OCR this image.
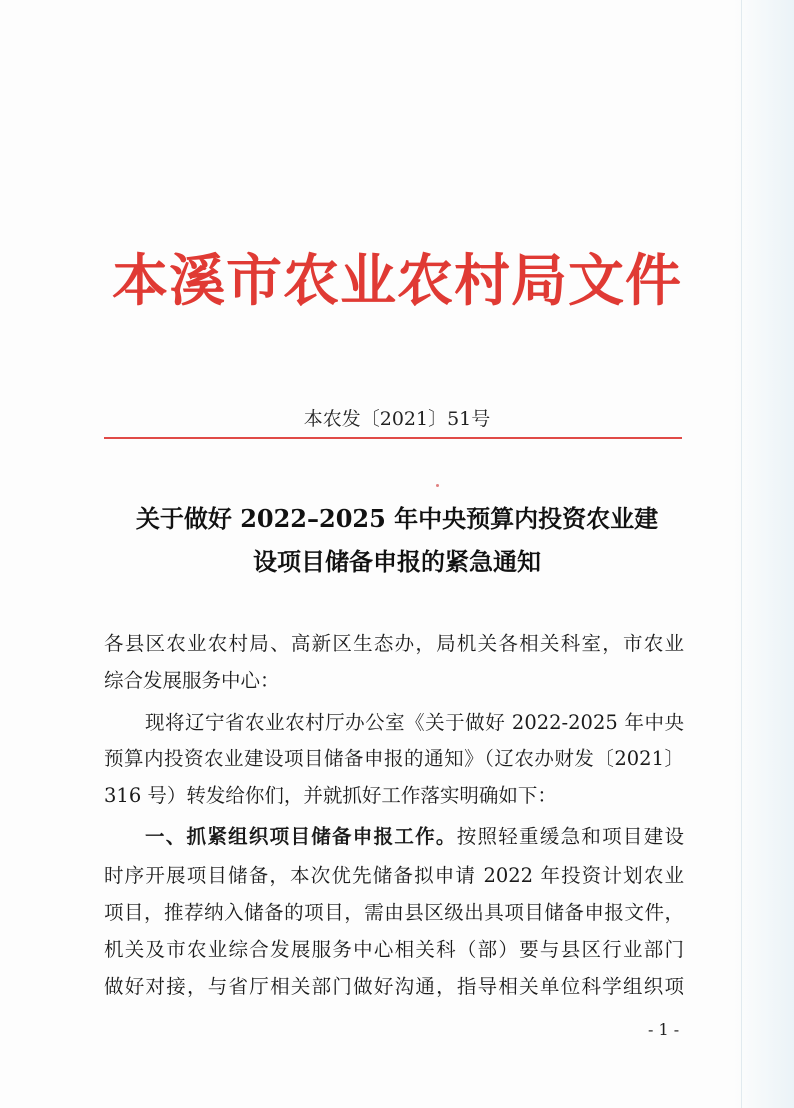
本溪市农业农村局文件
本农发〔2021〕51号
关于做好 2022–2025 年中央预算内投资农业建
设项目储备申报的紧急通知
各县区农业农村局、高新区生态办，局机关各相关科室，市农业
综合发展服务中心：
现将辽宁省农业农村厅办公室《关于做好 2022-2025 年中央
预算内投资农业建设项目储备申报的通知》（辽农办财发〔2021〕
316 号）转发给你们，并就抓好工作落实明确如下：
一、抓紧组织项目储备申报工作。按照轻重缓急和项目建设
时序开展项目储备，本次优先储备拟申请 2022 年投资计划农业
项目，推荐纳入储备的项目，需由县区级出具项目储备申报文件，
机关及市农业综合发展服务中心相关科（部）要与县区行业部门
做好对接，与省厅相关部门做好沟通，指导相关单位科学组织项
- 1 -
